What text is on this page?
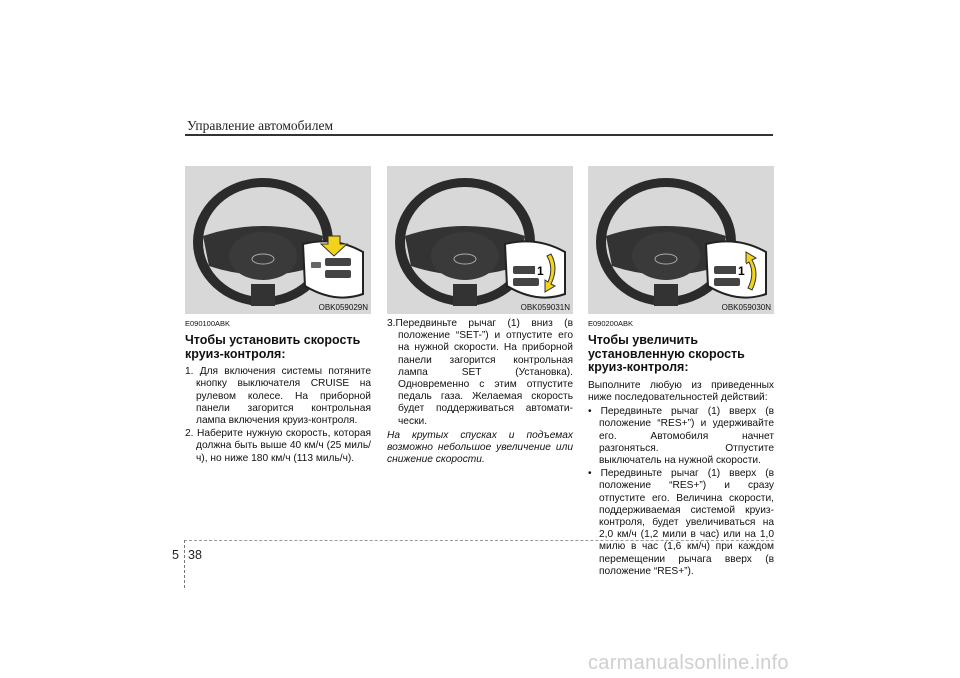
Управление автомобилем
OBK059029N
1
OBK059031N
1
OBK059030N
E090100ABK
Чтобы установить скорость круиз-контроля:
1. Для включения системы потяните кнопку выключателя CRUISE на рулевом колесе. На приборной панели загорится контрольная лампа включения круиз-контроля.
2. Наберите нужную скорость, которая должна быть выше 40 км/ч (25 миль/ч), но ниже 180 км/ч (113 миль/ч).
3.Передвиньте рычаг (1) вниз (в положение “SET-”) и отпустите его на нужной скорости. На приборной панели загорится контрольная лампа SET (Установка). Одновременно с этим отпустите педаль газа. Желаемая скорость будет поддерживаться автомати-чески.
На крутых спусках и подъемах возможно небольшое увеличение или снижение скорости.
E090200ABK
Чтобы увеличить установленную скорость круиз-контроля:
Выполните любую из приведенных ниже последовательностей действий:
• Передвиньте рычаг (1) вверх (в положение “RES+”) и удерживайте его. Автомобиля начнет разгоняться. Отпустите выключатель на нужной скорости.
• Передвиньте рычаг (1) вверх (в положение “RES+”) и сразу отпустите его. Величина скорости, поддерживаемая системой круиз-контроля, будет увеличиваться на 2,0 км/ч (1,2 мили в час) или на 1,0 милю в час (1,6 км/ч) при каждом перемещении рычага вверх (в положение “RES+”).
5 38
carmanualsonline.info
